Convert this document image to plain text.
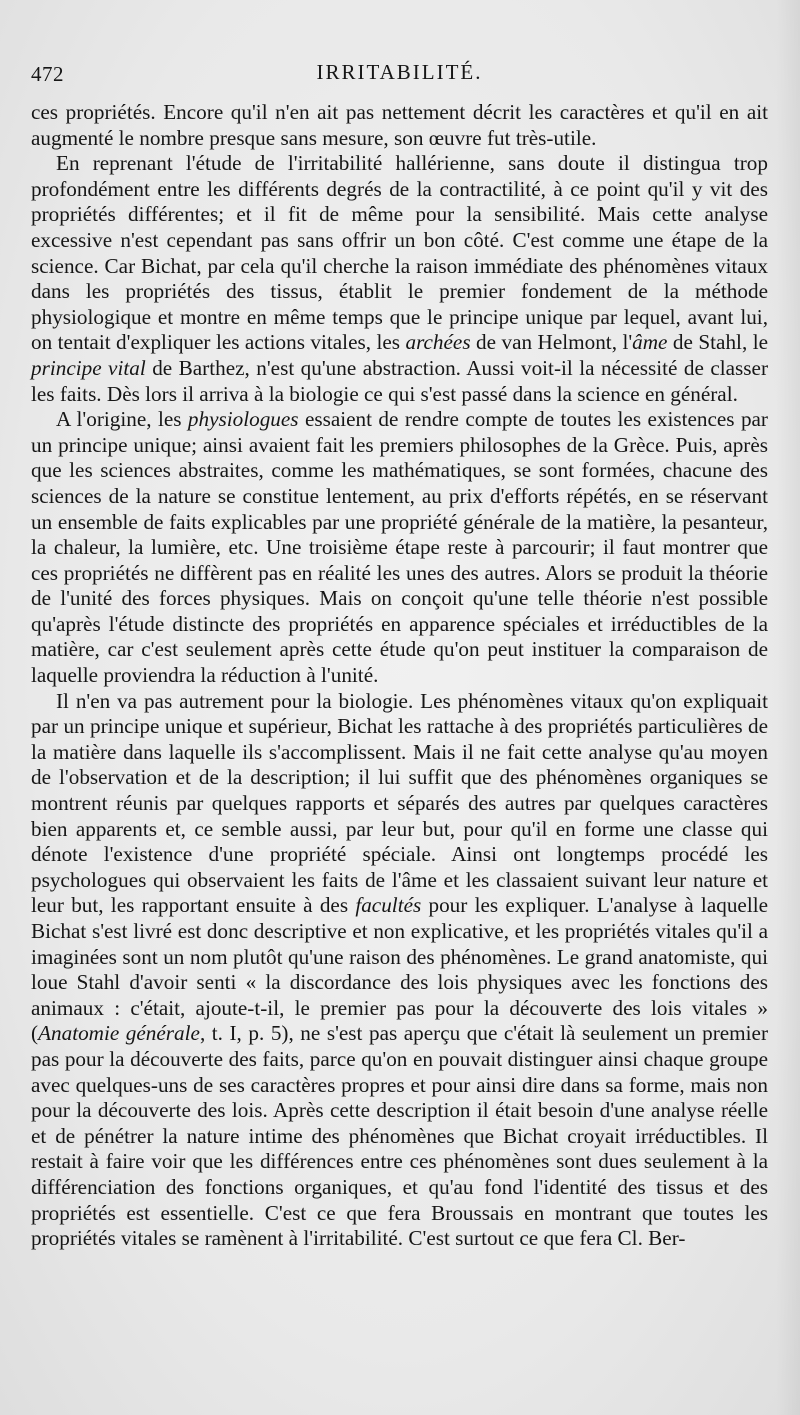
472	IRRITABILITÉ.

ces propriétés. Encore qu'il n'en ait pas nettement décrit les caractères et qu'il en ait augmenté le nombre presque sans mesure, son œuvre fut très-utile.

En reprenant l'étude de l'irritabilité hallérienne, sans doute il distingua trop profondément entre les différents degrés de la contractilité, à ce point qu'il y vit des propriétés différentes; et il fit de même pour la sensibilité. Mais cette analyse excessive n'est cependant pas sans offrir un bon côté. C'est comme une étape de la science. Car Bichat, par cela qu'il cherche la raison immédiate des phénomènes vitaux dans les propriétés des tissus, établit le premier fondement de la méthode physiologique et montre en même temps que le principe unique par lequel, avant lui, on tentait d'expliquer les actions vitales, les archées de van Helmont, l'âme de Stahl, le principe vital de Barthez, n'est qu'une abstraction. Aussi voit-il la nécessité de classer les faits. Dès lors il arriva à la biologie ce qui s'est passé dans la science en général.

A l'origine, les physiologues essaient de rendre compte de toutes les existences par un principe unique; ainsi avaient fait les premiers philosophes de la Grèce. Puis, après que les sciences abstraites, comme les mathématiques, se sont formées, chacune des sciences de la nature se constitue lentement, au prix d'efforts répétés, en se réservant un ensemble de faits explicables par une propriété générale de la matière, la pesanteur, la chaleur, la lumière, etc. Une troisième étape reste à parcourir; il faut montrer que ces propriétés ne diffèrent pas en réalité les unes des autres. Alors se produit la théorie de l'unité des forces physiques. Mais on conçoit qu'une telle théorie n'est possible qu'après l'étude distincte des propriétés en apparence spéciales et irréductibles de la matière, car c'est seulement après cette étude qu'on peut instituer la comparaison de laquelle proviendra la réduction à l'unité.

Il n'en va pas autrement pour la biologie. Les phénomènes vitaux qu'on expliquait par un principe unique et supérieur, Bichat les rattache à des propriétés particulières de la matière dans laquelle ils s'accomplissent. Mais il ne fait cette analyse qu'au moyen de l'observation et de la description; il lui suffit que des phénomènes organiques se montrent réunis par quelques rapports et séparés des autres par quelques caractères bien apparents et, ce semble aussi, par leur but, pour qu'il en forme une classe qui dénote l'existence d'une propriété spéciale. Ainsi ont longtemps procédé les psychologues qui observaient les faits de l'âme et les classaient suivant leur nature et leur but, les rapportant ensuite à des facultés pour les expliquer. L'analyse à laquelle Bichat s'est livré est donc descriptive et non explicative, et les propriétés vitales qu'il a imaginées sont un nom plutôt qu'une raison des phénomènes. Le grand anatomiste, qui loue Stahl d'avoir senti « la discordance des lois physiques avec les fonctions des animaux : c'était, ajoute-t-il, le premier pas pour la découverte des lois vitales » (Anatomie générale, t. I, p. 5), ne s'est pas aperçu que c'était là seulement un premier pas pour la découverte des faits, parce qu'on en pouvait distinguer ainsi chaque groupe avec quelques-uns de ses caractères propres et pour ainsi dire dans sa forme, mais non pour la découverte des lois. Après cette description il était besoin d'une analyse réelle et de pénétrer la nature intime des phénomènes que Bichat croyait irréductibles. Il restait à faire voir que les différences entre ces phénomènes sont dues seulement à la différenciation des fonctions organiques, et qu'au fond l'identité des tissus et des propriétés est essentielle. C'est ce que fera Broussais en montrant que toutes les propriétés vitales se ramènent à l'irritabilité. C'est surtout ce que fera Cl. Ber-
